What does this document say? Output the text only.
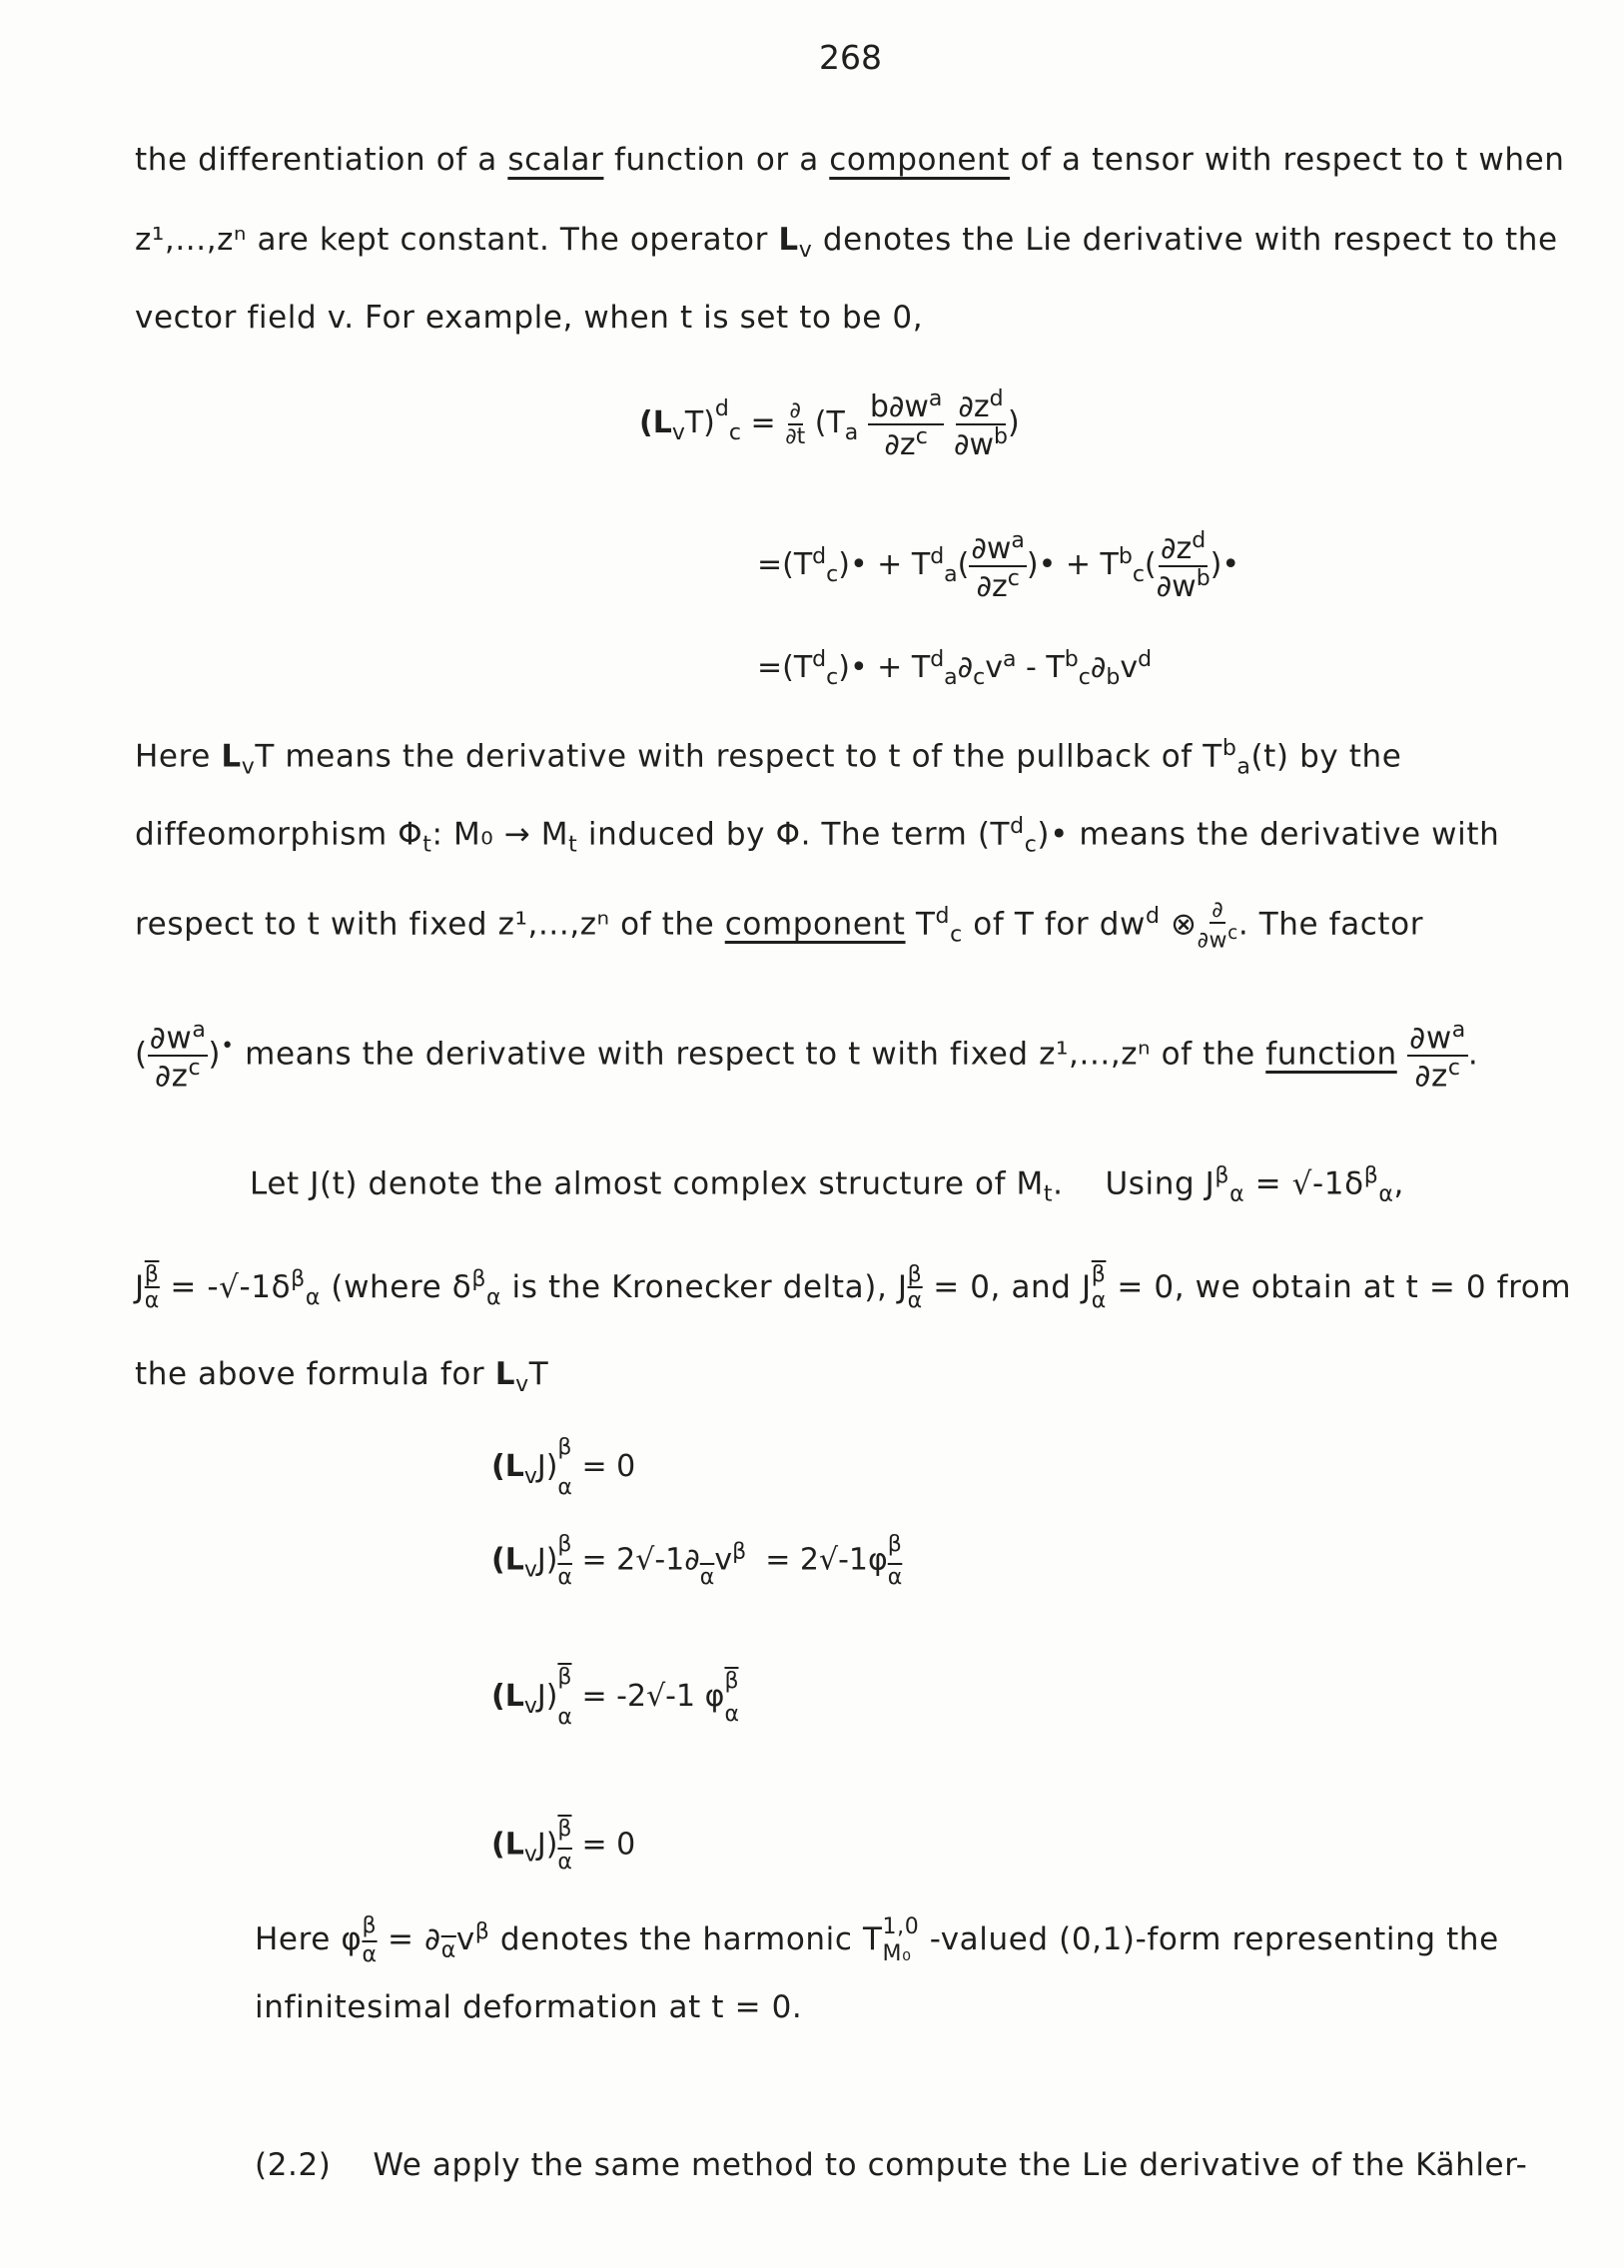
268
the differentiation of a scalar function or a component of a tensor with respect to t when
z¹,...,zⁿ are kept constant. The operator $L_v$ denotes the Lie derivative with respect to the
vector field v. For example, when t is set to be 0,
$(L_vT)^d_c = \frac{\partial}{\partial t} (T_a \frac{b\partial w^a}{\partial z^c}$
$\frac{\partial z^d}{\partial w^b}$ )
$=(T^d_c)• + T^d_a( \frac{\partial w^a}{\partial z^c}$ )• + $T^b_c( \frac{\partial z^d}{\partial w^b}$ )•
$=(T^d_c)• + T^d_a\partial_cv^a - T^b_c\partial_bv^d$
Here $L_vT$ means the derivative with respect to t of the pullback of $T^b_a(t)$ by the
diffeomorphism $\Phi_t$: $M_0 \to M_t$ induced by Φ. The term $(T^d_c)•$ means the derivative with
respect to t with fixed z¹,...,zⁿ of the component $T^d_c$ of T for $dw^d$ ⊗ $\frac{\partial}{\partial w^c}$ . The factor
( $\frac{\partial w^a}{\partial z^c} )^•$ means the derivative with respect to t with fixed z¹,...,zⁿ of the function $\frac{\partial w^a}{\partial z^c}$ .
Let J(t) denote the almost complex structure of $M_t$. Using $J^\beta_\alpha = √-1\delta^\beta_\alpha$,
J $\frac{\overline{\beta}}{\alpha} = -√-1\delta^\beta_\alpha$ (where $\delta^\beta_\alpha$ is the Kronecker delta), J $\frac{\beta}{\alpha} = 0$, and J $\overline{\beta}$
α = 0, we obtain at t = 0 from
the above formula for $L_vT$
$(L_vJ)$
β
α
= 0
$(L_vJ) \frac{\beta}{\alpha} = 2√-1\partial$
$\overline{\alpha}$ $v^\beta = 2√-1\varphi \frac{\beta}{\alpha}$
$(L_vJ)$
$\overline{\beta}$
α
= -2√-1 φ $\overline{\beta}$
α
$(L_vJ) \frac{\overline{\beta}}{\alpha} = 0$
Here φ $\frac{\beta}{\alpha} = \partial_{\overline{\alpha}}v^\beta$ denotes the harmonic T 1,0
M₀ -valued (0,1)-form representing the
infinitesimal deformation at t = 0.
(2.2) We apply the same method to compute the Lie derivative of the Kähler-
